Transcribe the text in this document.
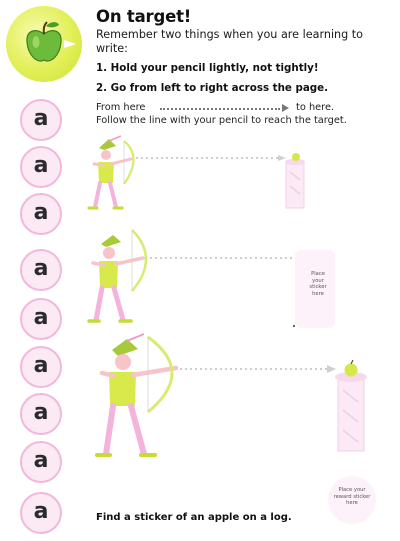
On target!
Remember two things when you are learning to write:
1. Hold your pencil lightly, not tightly!
2. Go from left to right across the page.
From here	to here.
Follow the line with your pencil to reach the target.
a
a
a
a
a
a
a
a
a
Place your sticker here
Place your reward sticker here
Find a sticker of an apple on a log.
